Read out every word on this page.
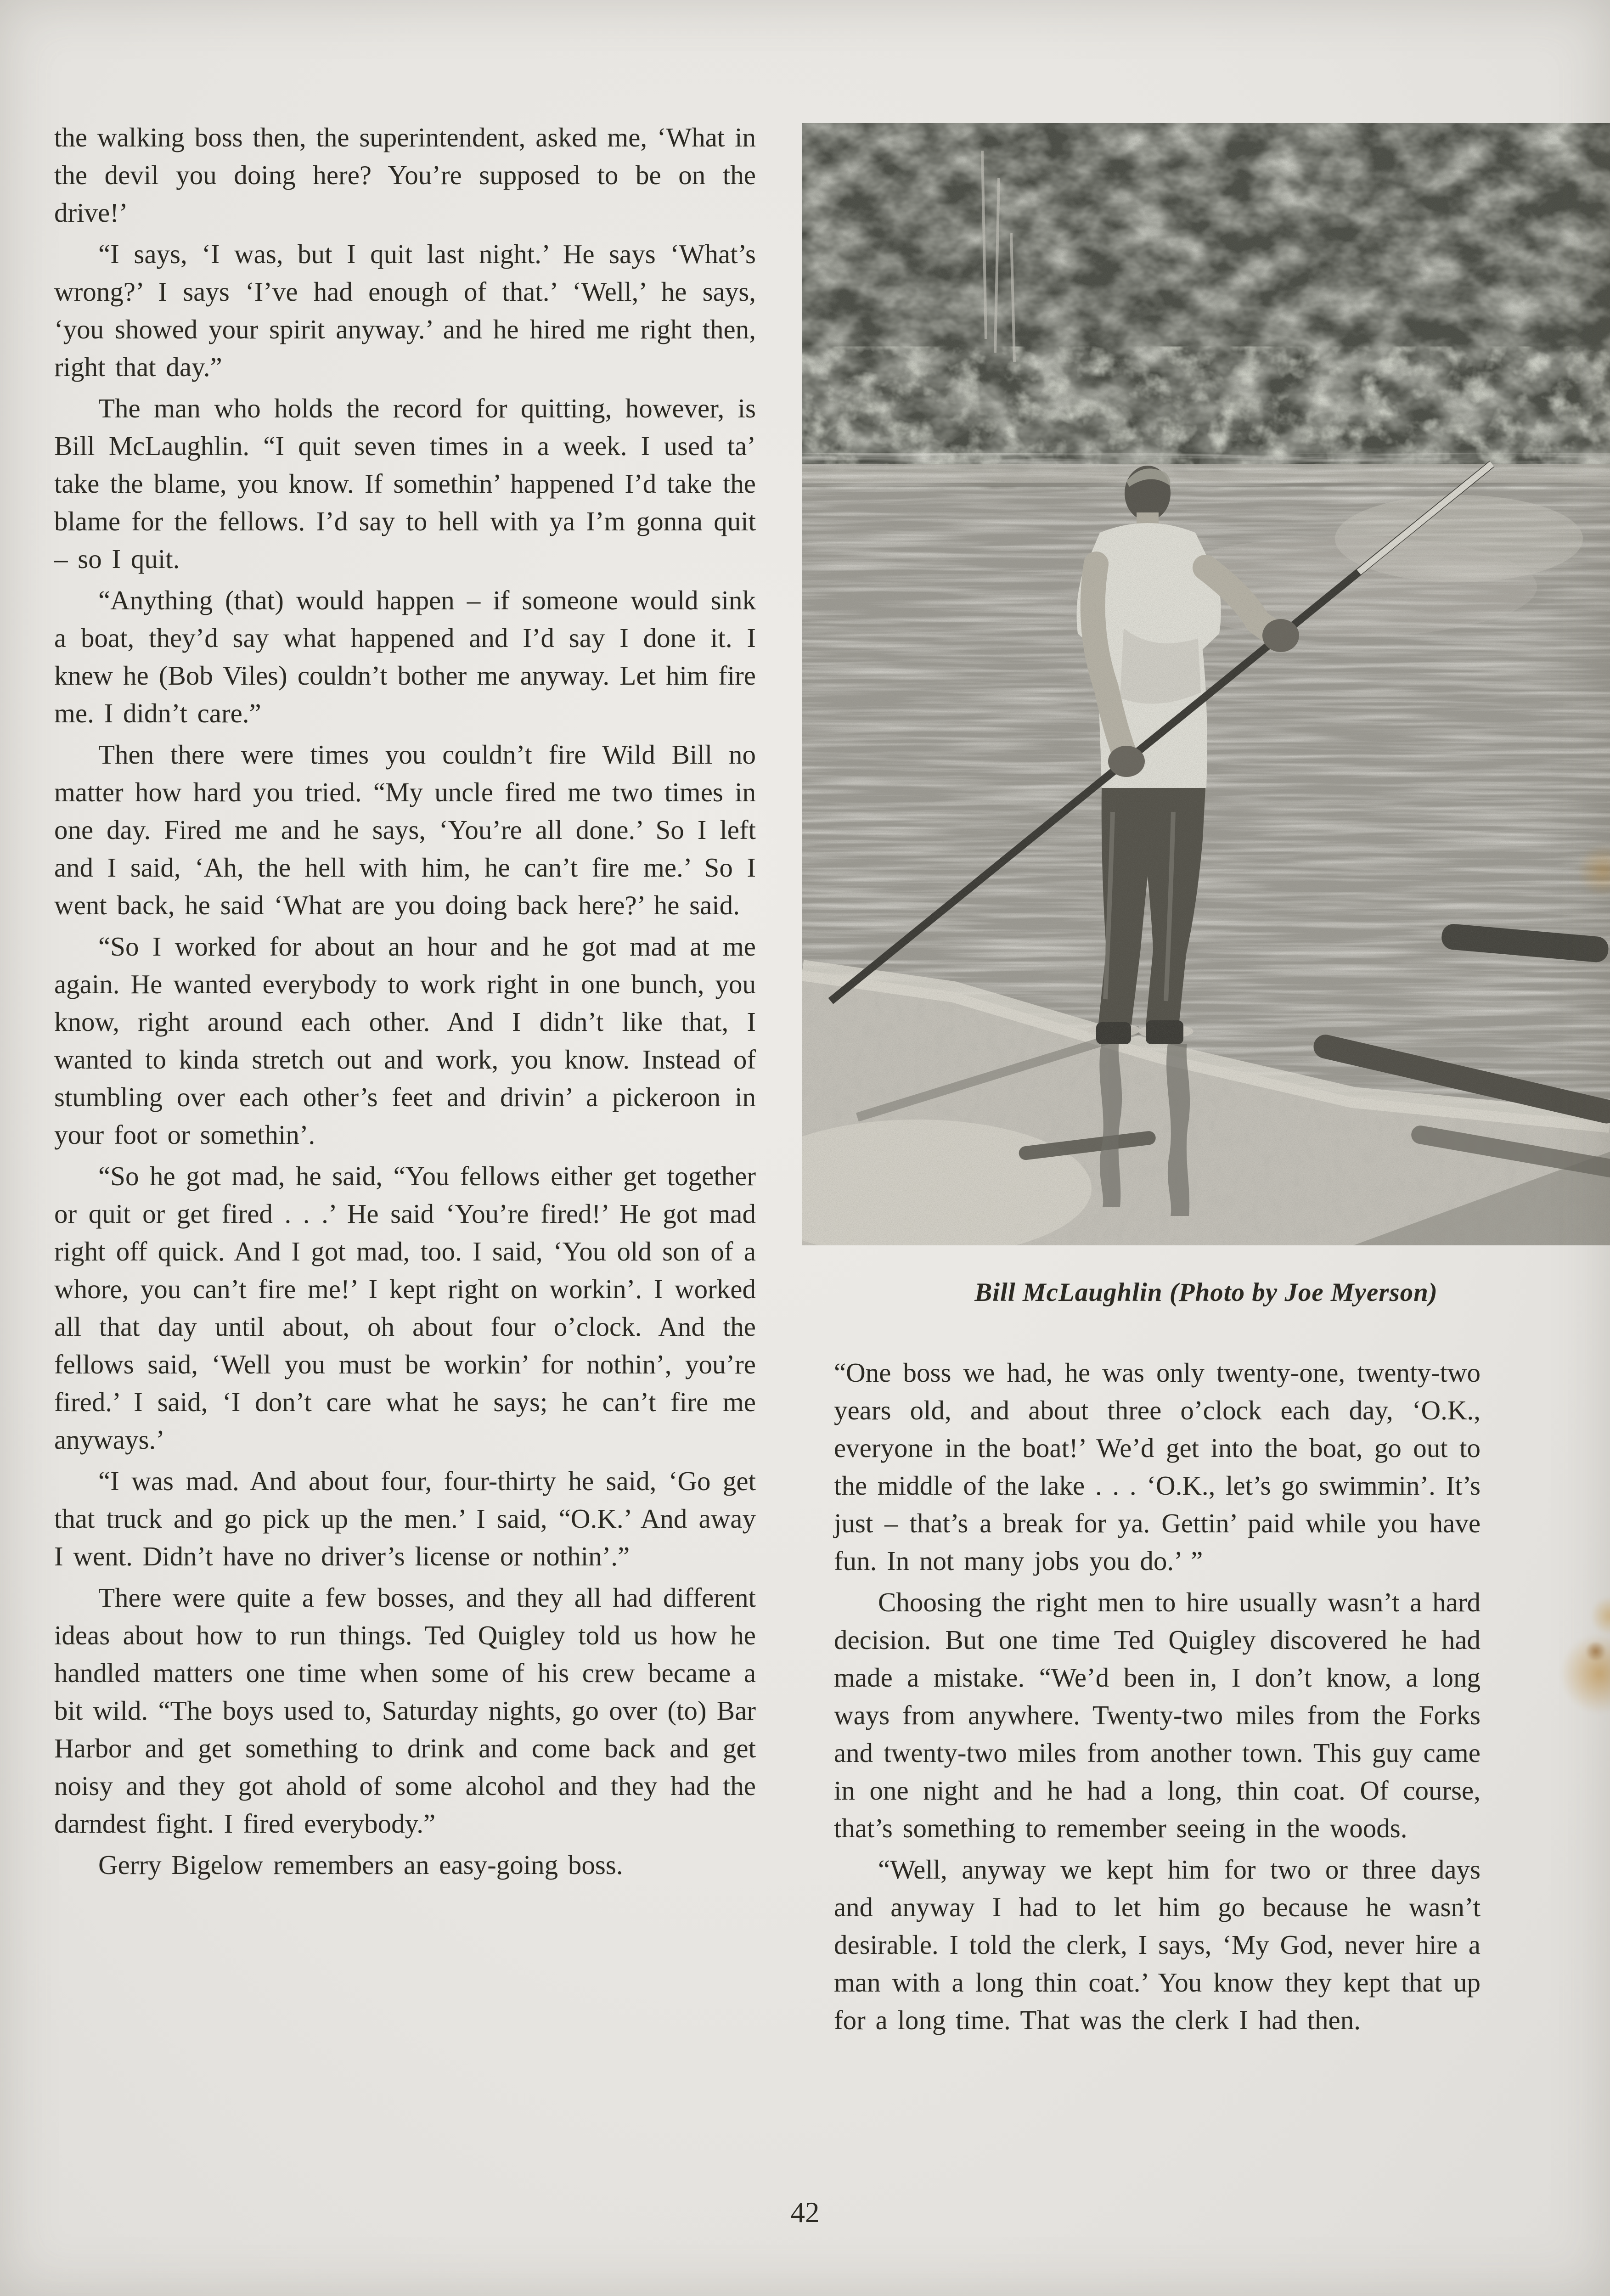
the walking boss then, the superintendent, asked me, ‘What in the devil you doing here? You’re supposed to be on the drive!’

“I says, ‘I was, but I quit last night.’ He says ‘What’s wrong?’ I says ‘I’ve had enough of that.’ ‘Well,’ he says, ‘you showed your spirit anyway.’ and he hired me right then, right that day.”

The man who holds the record for quitting, however, is Bill McLaughlin. “I quit seven times in a week. I used ta’ take the blame, you know. If somethin’ happened I’d take the blame for the fellows. I’d say to hell with ya I’m gonna quit – so I quit.

“Anything (that) would happen – if someone would sink a boat, they’d say what happened and I’d say I done it. I knew he (Bob Viles) couldn’t bother me anyway. Let him fire me. I didn’t care.”

Then there were times you couldn’t fire Wild Bill no matter how hard you tried. “My uncle fired me two times in one day. Fired me and he says, ‘You’re all done.’ So I left and I said, ‘Ah, the hell with him, he can’t fire me.’ So I went back, he said ‘What are you doing back here?’ he said.

“So I worked for about an hour and he got mad at me again. He wanted everybody to work right in one bunch, you know, right around each other. And I didn’t like that, I wanted to kinda stretch out and work, you know. Instead of stumbling over each other’s feet and drivin’ a pickeroon in your foot or somethin’.

“So he got mad, he said, “You fellows either get together or quit or get fired . . .’ He said ‘You’re fired!’ He got mad right off quick. And I got mad, too. I said, ‘You old son of a whore, you can’t fire me!’ I kept right on workin’. I worked all that day until about, oh about four o’clock. And the fellows said, ‘Well you must be workin’ for nothin’, you’re fired.’ I said, ‘I don’t care what he says; he can’t fire me anyways.’

“I was mad. And about four, four-thirty he said, ‘Go get that truck and go pick up the men.’ I said, “O.K.’ And away I went. Didn’t have no driver’s license or nothin’.”

There were quite a few bosses, and they all had different ideas about how to run things. Ted Quigley told us how he handled matters one time when some of his crew became a bit wild. “The boys used to, Saturday nights, go over (to) Bar Harbor and get something to drink and come back and get noisy and they got ahold of some alcohol and they had the darndest fight. I fired everybody.”

Gerry Bigelow remembers an easy-going boss.

Bill McLaughlin (Photo by Joe Myerson)

“One boss we had, he was only twenty-one, twenty-two years old, and about three o’clock each day, ‘O.K., everyone in the boat!’ We’d get into the boat, go out to the middle of the lake . . . ‘O.K., let’s go swimmin’. It’s just – that’s a break for ya. Gettin’ paid while you have fun. In not many jobs you do.’ ”

Choosing the right men to hire usually wasn’t a hard decision. But one time Ted Quigley discovered he had made a mistake. “We’d been in, I don’t know, a long ways from anywhere. Twenty-two miles from the Forks and twenty-two miles from another town. This guy came in one night and he had a long, thin coat. Of course, that’s something to remember seeing in the woods.

“Well, anyway we kept him for two or three days and anyway I had to let him go because he wasn’t desirable. I told the clerk, I says, ‘My God, never hire a man with a long thin coat.’ You know they kept that up for a long time. That was the clerk I had then.

42
